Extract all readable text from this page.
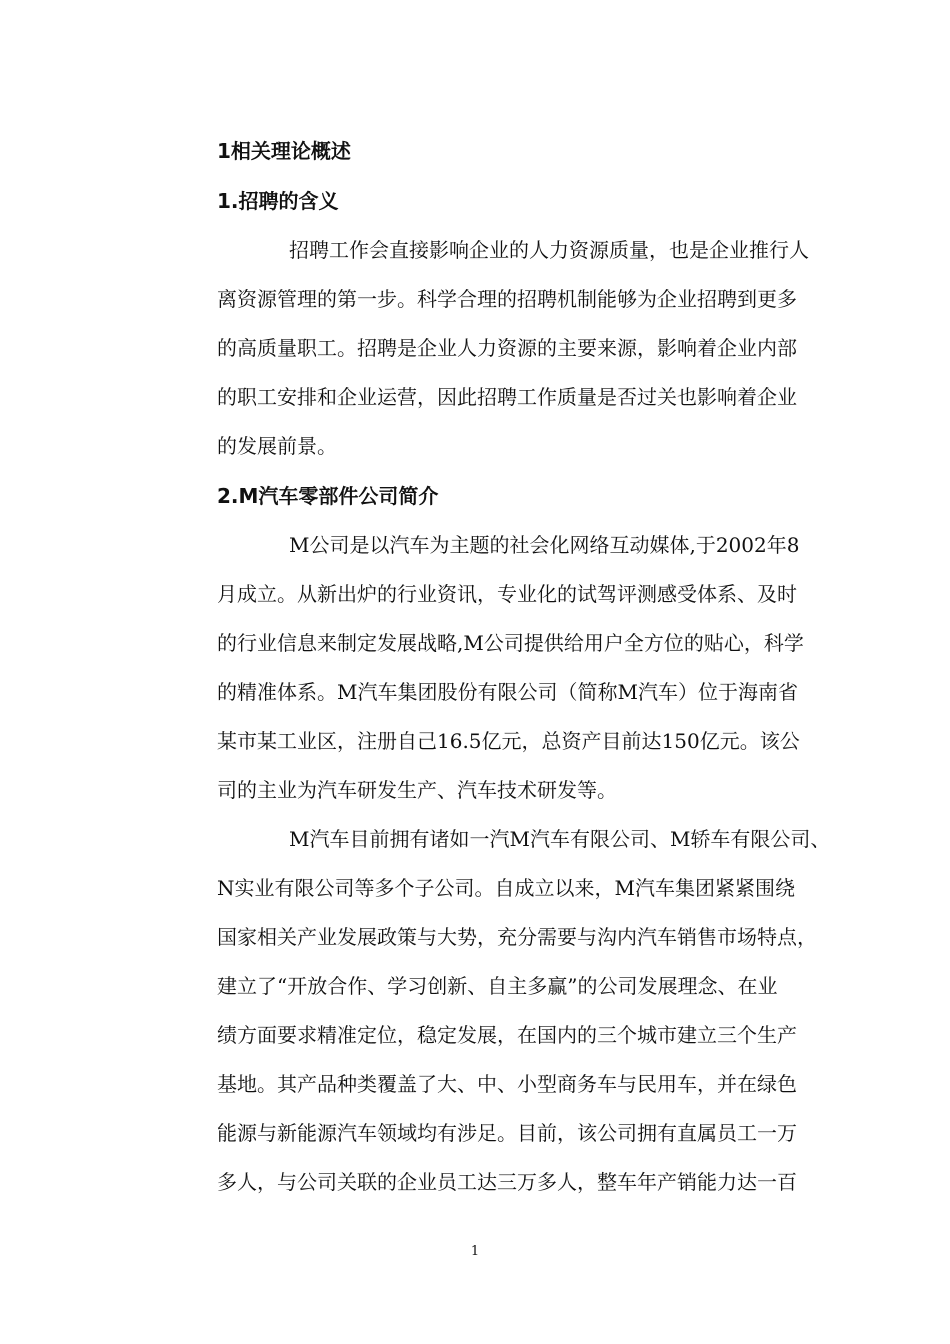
1相关理论概述
1.招聘的含义
招聘工作会直接影响企业的人力资源质量，也是企业推行人
离资源管理的第一步。科学合理的招聘机制能够为企业招聘到更多
的高质量职工。招聘是企业人力资源的主要来源，影响着企业内部
的职工安排和企业运营，因此招聘工作质量是否过关也影响着企业
的发展前景。
2.M汽车零部件公司简介
M公司是以汽车为主题的社会化网络互动媒体,于2002年8
月成立。从新出炉的行业资讯，专业化的试驾评测感受体系、及时
的行业信息来制定发展战略,M公司提供给用户全方位的贴心，科学
的精准体系。M汽车集团股份有限公司（简称M汽车）位于海南省
某市某工业区，注册自己16.5亿元，总资产目前达150亿元。该公
司的主业为汽车研发生产、汽车技术研发等。
M汽车目前拥有诸如一汽M汽车有限公司、M轿车有限公司、
N实业有限公司等多个子公司。自成立以来，M汽车集团紧紧围绕
国家相关产业发展政策与大势，充分需要与沟内汽车销售市场特点，
建立了“开放合作、学习创新、自主多赢”的公司发展理念、在业
绩方面要求精准定位，稳定发展，在国内的三个城市建立三个生产
基地。其产品种类覆盖了大、中、小型商务车与民用车，并在绿色
能源与新能源汽车领域均有涉足。目前，该公司拥有直属员工一万
多人，与公司关联的企业员工达三万多人，整车年产销能力达一百
1
